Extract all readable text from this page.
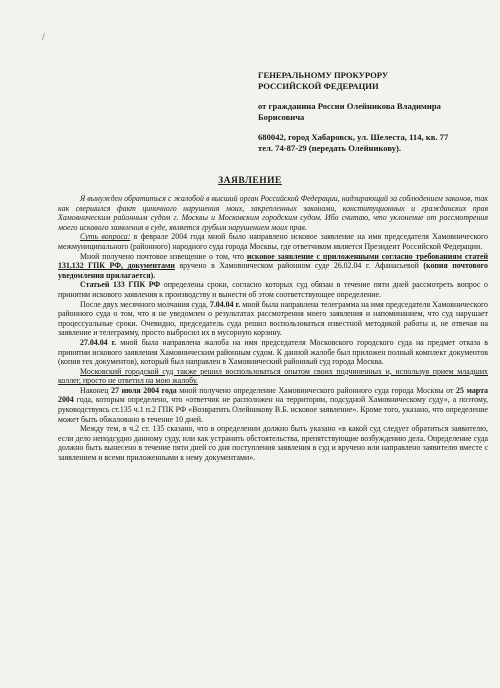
/
ГЕНЕРАЛЬНОМУ ПРОКУРОРУ
РОССИЙСКОЙ ФЕДЕРАЦИИ
от гражданина России Олейникова Владимира
Борисовича
680042, город Хабаровск, ул. Шелеста, 114, кв. 77
тел. 74-87-29 (передать Олейникову).
ЗАЯВЛЕНИЕ

Я вынужден обратиться с жалобой в высший орган Российской Федерации, надзирающий за соблюдением законов, так как свершился факт циничного нарушения моих, закрепленных законами, конституционных и гражданских прав Хамовническим районным судом г. Москвы и Московским городским судом. Ибо считаю, что уклонение от рассмотрения моего искового заявления в суде, является грубым нарушением моих прав.

Суть вопроса: в феврале 2004 года мной было направлено исковое заявление на имя председателя Хамовнического межмуниципального (районного) народного суда города Москвы, где ответчиком является Президент Российской Федерации.

Мной получено почтовое извещение о том, что исковое заявление с приложенными согласно требованиям статей 131,132 ГПК РФ, документами вручено в Хамовническом районном суде 26.02.04 г. Афанасьевой (копия почтового уведомления прилагается).

Статьей 133 ГПК РФ определены сроки, согласно которых суд обязан в течение пяти дней рассмотреть вопрос о принятии искового заявления к производству и вынести об этом соответствующее определение.

После двух месячного молчания суда, 7.04.04 г. мной была направлена телеграмма на имя председателя Хамовнического районного суда о том, что я не уведомлен о результатах рассмотрения моего заявления и напоминанием, что суд нарушает процессуальные сроки. Очевидно, председатель суда решил воспользоваться известной методикой работы и, не отвечая на заявление и телеграмму, просто выбросил их в мусорную корзину.

27.04.04 г. мной была направлена жалоба на имя председателя Московского городского суда на предмет отказа в принятии искового заявления Хамовническим районным судом. К данной жалобе был приложен полный комплект документов (копия тех документов), который был направлен в Хамовнический районный суд города Москва.

Московский городской суд также решил воспользоваться опытом своих подчиненных и, используя прием младших коллег, просто не ответил на мою жалобу.

Наконец 27 июля 2004 года мной получено определение Хамовнического районного суда города Москвы от 25 марта 2004 года, которым определено, что «ответчик не расположен на территории, подсудной Хамовническому суду», а поэтому, руководствуясь ст.135 ч.1 п.2 ГПК РФ «Возвратить Олейникову В.Б. исковое заявление». Кроме того, указано, что определение может быть обжаловано в течение 10 дней.

Между тем, в ч.2 ст. 135 сказано, что в определении должно быть указано «в какой суд следует обратиться заявителю, если дело неподсудно данному суду, или как устранить обстоятельства, препятствующие возбуждению дела. Определение суда должно быть вынесено в течение пяти дней со дня поступления заявления в суд и вручено или направлено заявителю вместе с заявлением и всеми приложенными к нему документами».
